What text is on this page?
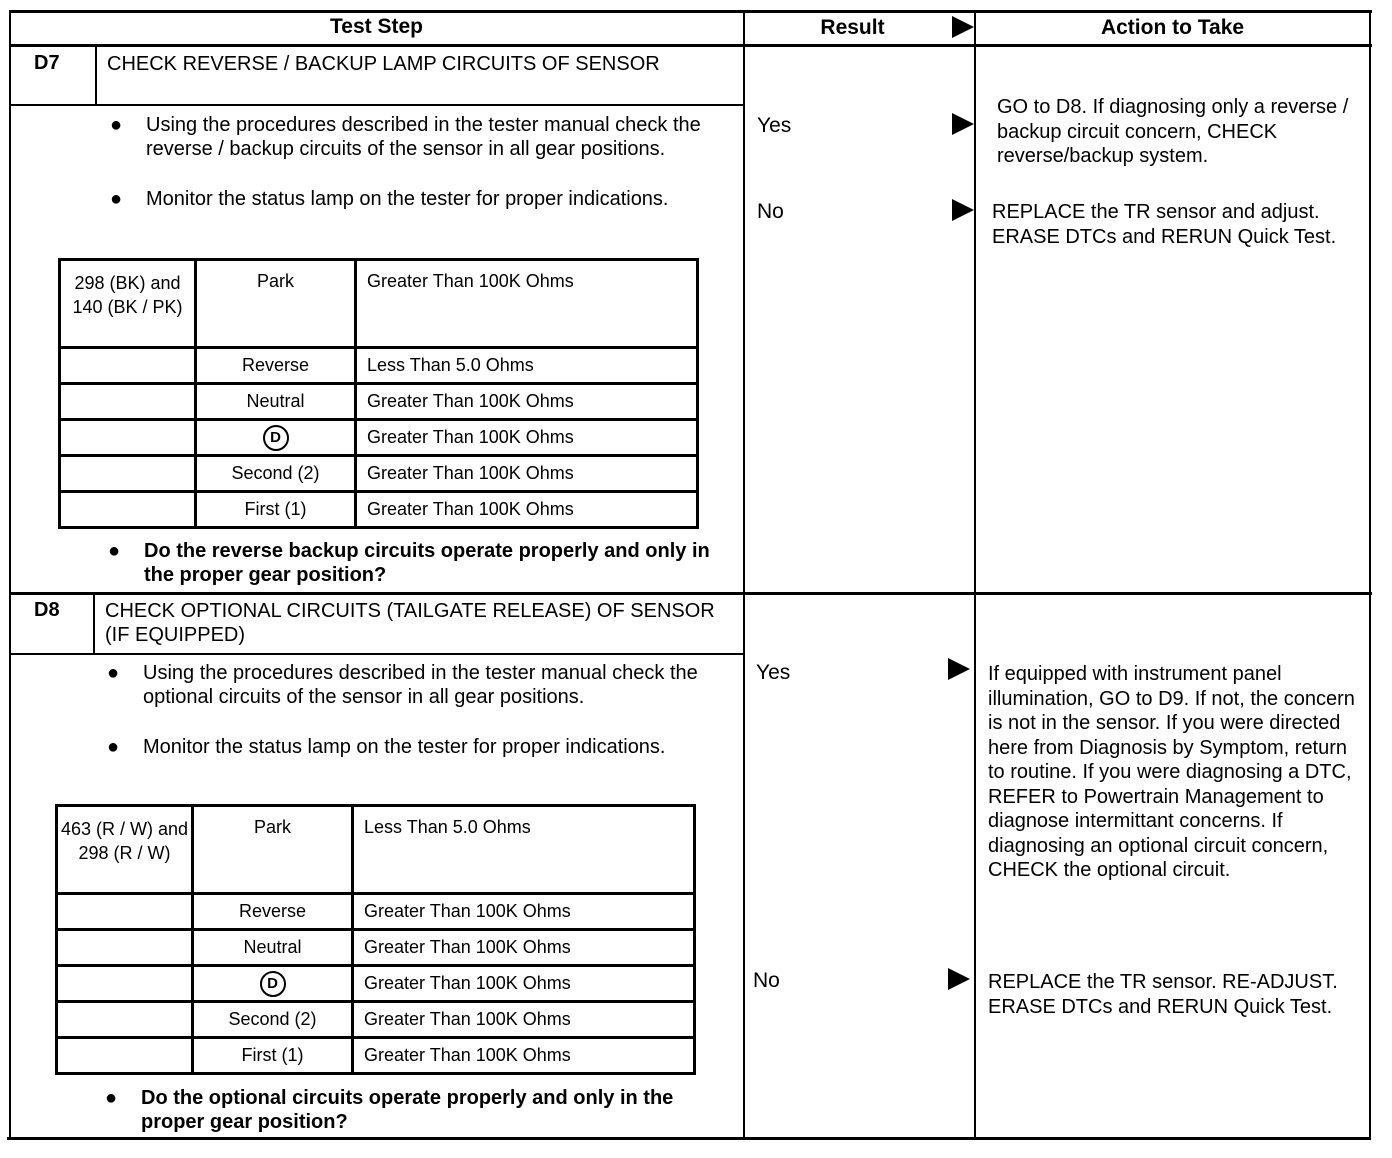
Test Step	Result	Action to Take
D7 CHECK REVERSE / BACKUP LAMP CIRCUITS OF SENSOR
● Using the procedures described in the tester manual check the reverse / backup circuits of the sensor in all gear positions.
● Monitor the status lamp on the tester for proper indications.
298 (BK) and 140 (BK / PK)	Park	Greater Than 100K Ohms
	Reverse	Less Than 5.0 Ohms
	Neutral	Greater Than 100K Ohms
	D	Greater Than 100K Ohms
	Second (2)	Greater Than 100K Ohms
	First (1)	Greater Than 100K Ohms
● Do the reverse backup circuits operate properly and only in the proper gear position?
Yes
GO to D8. If diagnosing only a reverse / backup circuit concern, CHECK reverse/backup system.
No	REPLACE the TR sensor and adjust. ERASE DTCs and RERUN Quick Test.
D8 CHECK OPTIONAL CIRCUITS (TAILGATE RELEASE) OF SENSOR (IF EQUIPPED)
● Using the procedures described in the tester manual check the optional circuits of the sensor in all gear positions.
● Monitor the status lamp on the tester for proper indications.
463 (R / W) and 298 (R / W)	Park	Less Than 5.0 Ohms
	Reverse	Greater Than 100K Ohms
	Neutral	Greater Than 100K Ohms
	D	Greater Than 100K Ohms
	Second (2)	Greater Than 100K Ohms
	First (1)	Greater Than 100K Ohms
● Do the optional circuits operate properly and only in the proper gear position?
Yes	If equipped with instrument panel illumination, GO to D9. If not, the concern is not in the sensor. If you were directed here from Diagnosis by Symptom, return to routine. If you were diagnosing a DTC, REFER to Powertrain Management to diagnose intermittant concerns. If diagnosing an optional circuit concern, CHECK the optional circuit.
No	REPLACE the TR sensor. RE-ADJUST. ERASE DTCs and RERUN Quick Test.
